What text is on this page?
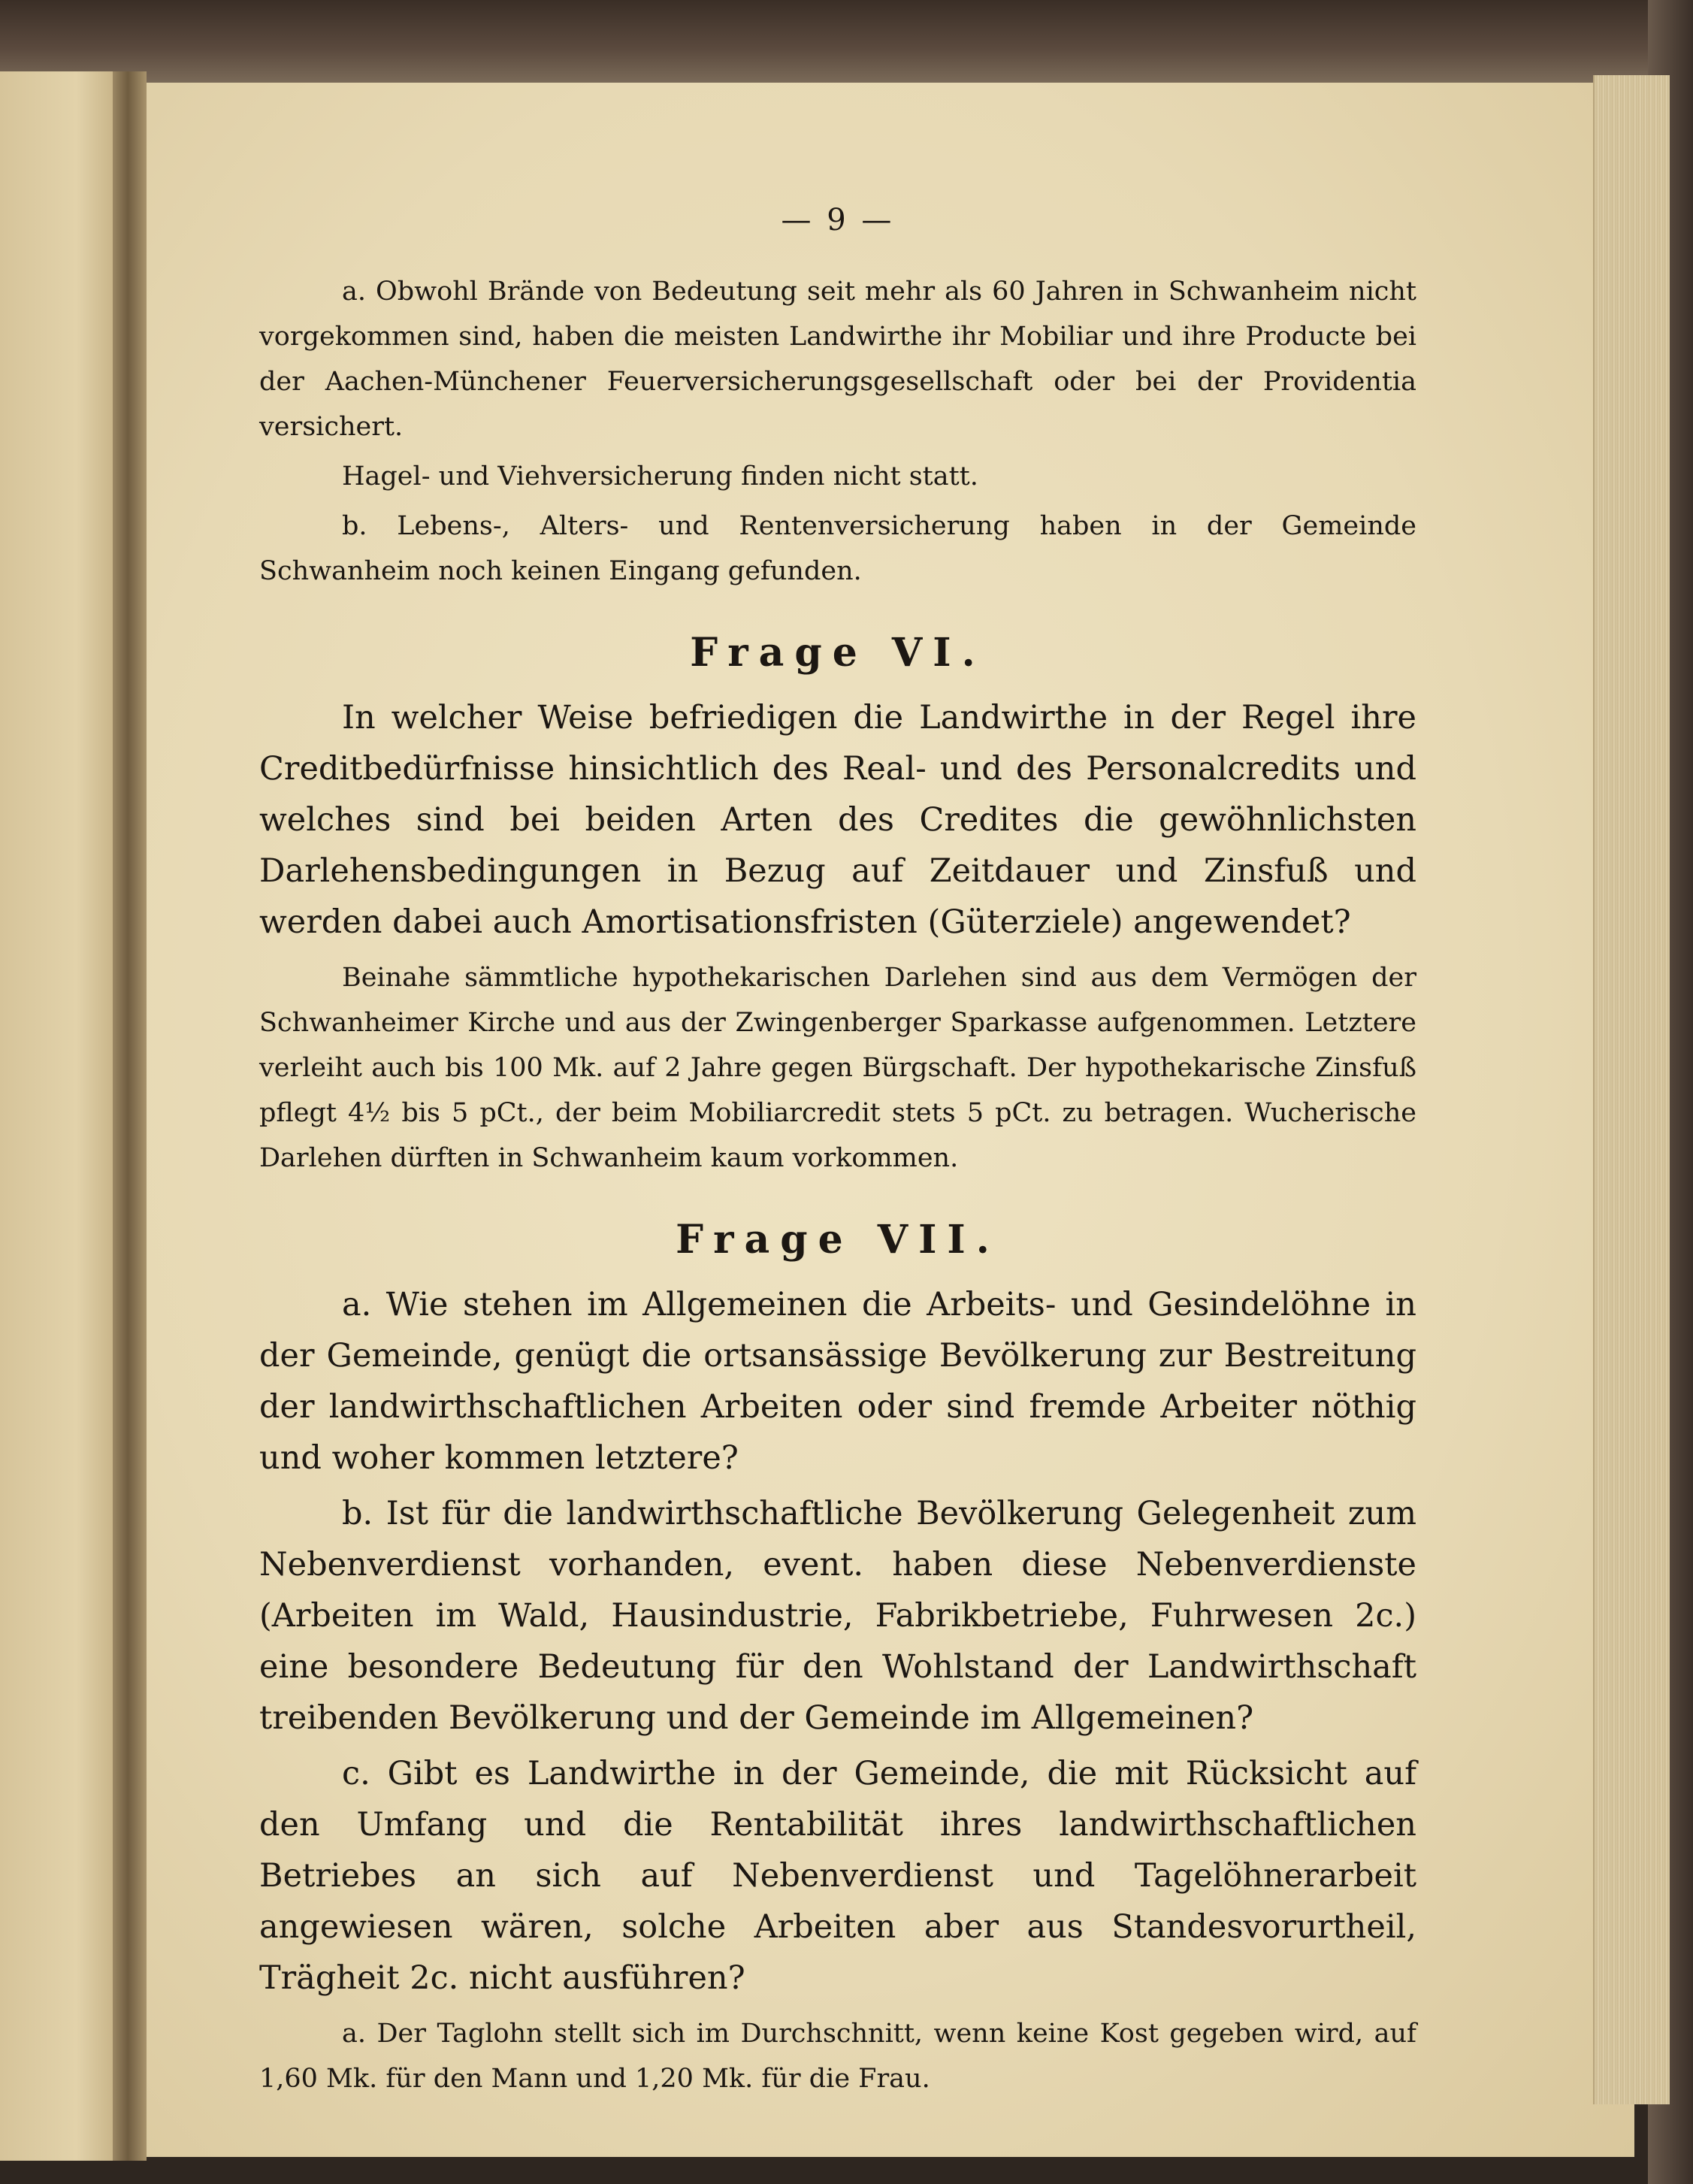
— 9 —

a. Obwohl Brände von Bedeutung seit mehr als 60 Jahren in Schwanheim nicht vorgekommen sind, haben die meisten Landwirthe ihr Mobiliar und ihre Producte bei der Aachen-Münchener Feuerversicherungsgesellschaft oder bei der Providentia versichert.

Hagel- und Viehversicherung finden nicht statt.

b. Lebens-, Alters- und Rentenversicherung haben in der Gemeinde Schwanheim noch keinen Eingang gefunden.

Frage VI.

In welcher Weise befriedigen die Landwirthe in der Regel ihre Creditbedürfnisse hinsichtlich des Real- und des Personalcredits und welches sind bei beiden Arten des Credites die gewöhnlichsten Darlehensbedingungen in Bezug auf Zeitdauer und Zinsfuß und werden dabei auch Amortisationsfristen (Güterziele) angewendet?

Beinahe sämmtliche hypothekarischen Darlehen sind aus dem Vermögen der Schwanheimer Kirche und aus der Zwingenberger Sparkasse aufgenommen. Letztere verleiht auch bis 100 Mk. auf 2 Jahre gegen Bürgschaft. Der hypothekarische Zinsfuß pflegt 4½ bis 5 pCt., der beim Mobiliarcredit stets 5 pCt. zu betragen. Wucherische Darlehen dürften in Schwanheim kaum vorkommen.

Frage VII.

a. Wie stehen im Allgemeinen die Arbeits- und Gesindelöhne in der Gemeinde, genügt die ortsansässige Bevölkerung zur Bestreitung der landwirthschaftlichen Arbeiten oder sind fremde Arbeiter nöthig und woher kommen letztere?

b. Ist für die landwirthschaftliche Bevölkerung Gelegenheit zum Nebenverdienst vorhanden, event. haben diese Nebenverdienste (Arbeiten im Wald, Hausindustrie, Fabrikbetriebe, Fuhrwesen 2c.) eine besondere Bedeutung für den Wohlstand der Landwirthschaft treibenden Bevölkerung und der Gemeinde im Allgemeinen?

c. Gibt es Landwirthe in der Gemeinde, die mit Rücksicht auf den Umfang und die Rentabilität ihres landwirthschaftlichen Betriebes an sich auf Nebenverdienst und Tagelöhnerarbeit angewiesen wären, solche Arbeiten aber aus Standesvorurtheil, Trägheit 2c. nicht ausführen?

a. Der Taglohn stellt sich im Durchschnitt, wenn keine Kost gegeben wird, auf 1,60 Mk. für den Mann und 1,20 Mk. für die Frau.
